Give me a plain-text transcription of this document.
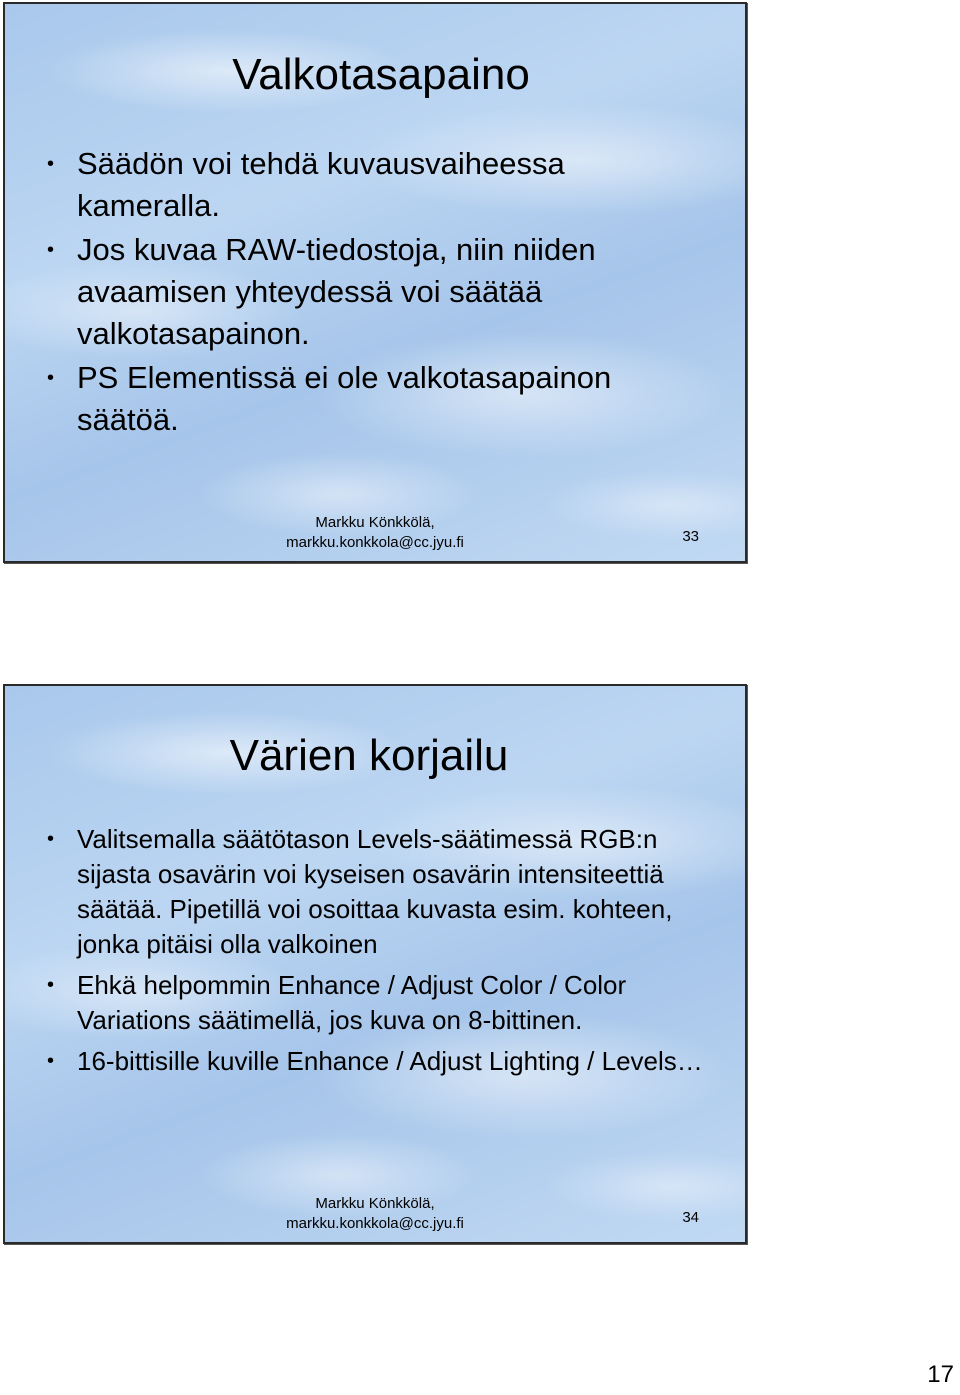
Valkotasapaino
• Säädön voi tehdä kuvausvaiheessa kameralla.
• Jos kuvaa RAW-tiedostoja, niin niiden avaamisen yhteydessä voi säätää valkotasapainon.
• PS Elementissä ei ole valkotasapainon säätöä.
Markku Könkkölä,
markku.konkkola@cc.jyu.fi	33
Värien korjailu
• Valitsemalla säätötason Levels-säätimessä RGB:n sijasta osavärin voi kyseisen osavärin intensiteettiä säätää. Pipetillä voi osoittaa kuvasta esim. kohteen, jonka pitäisi olla valkoinen
• Ehkä helpommin Enhance / Adjust Color / Color Variations säätimellä, jos kuva on 8-bittinen.
• 16-bittisille kuville Enhance / Adjust Lighting / Levels…
Markku Könkkölä,
markku.konkkola@cc.jyu.fi	34
17
